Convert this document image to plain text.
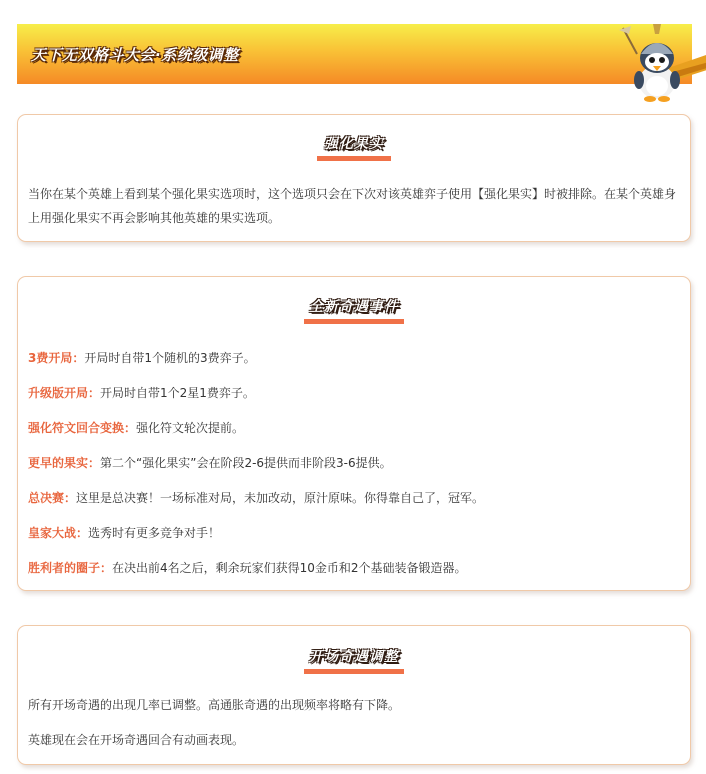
天下无双格斗大会·系统级调整
强化果实
当你在某个英雄上看到某个强化果实选项时，这个选项只会在下次对该英雄弈子使用【强化果实】时被排除。在某个英雄身上用强化果实不再会影响其他英雄的果实选项。
全新奇遇事件
3费开局：开局时自带1个随机的3费弈子。
升级版开局：开局时自带1个2星1费弈子。
强化符文回合变换：强化符文轮次提前。
更早的果实：第二个“强化果实”会在阶段2-6提供而非阶段3-6提供。
总决赛：这里是总决赛！一场标准对局，未加改动，原汁原味。你得靠自己了，冠军。
皇家大战：选秀时有更多竞争对手！
胜利者的圈子：在决出前4名之后，剩余玩家们获得10金币和2个基础装备锻造器。
开场奇遇调整
所有开场奇遇的出现几率已调整。高通胀奇遇的出现频率将略有下降。
英雄现在会在开场奇遇回合有动画表现。
